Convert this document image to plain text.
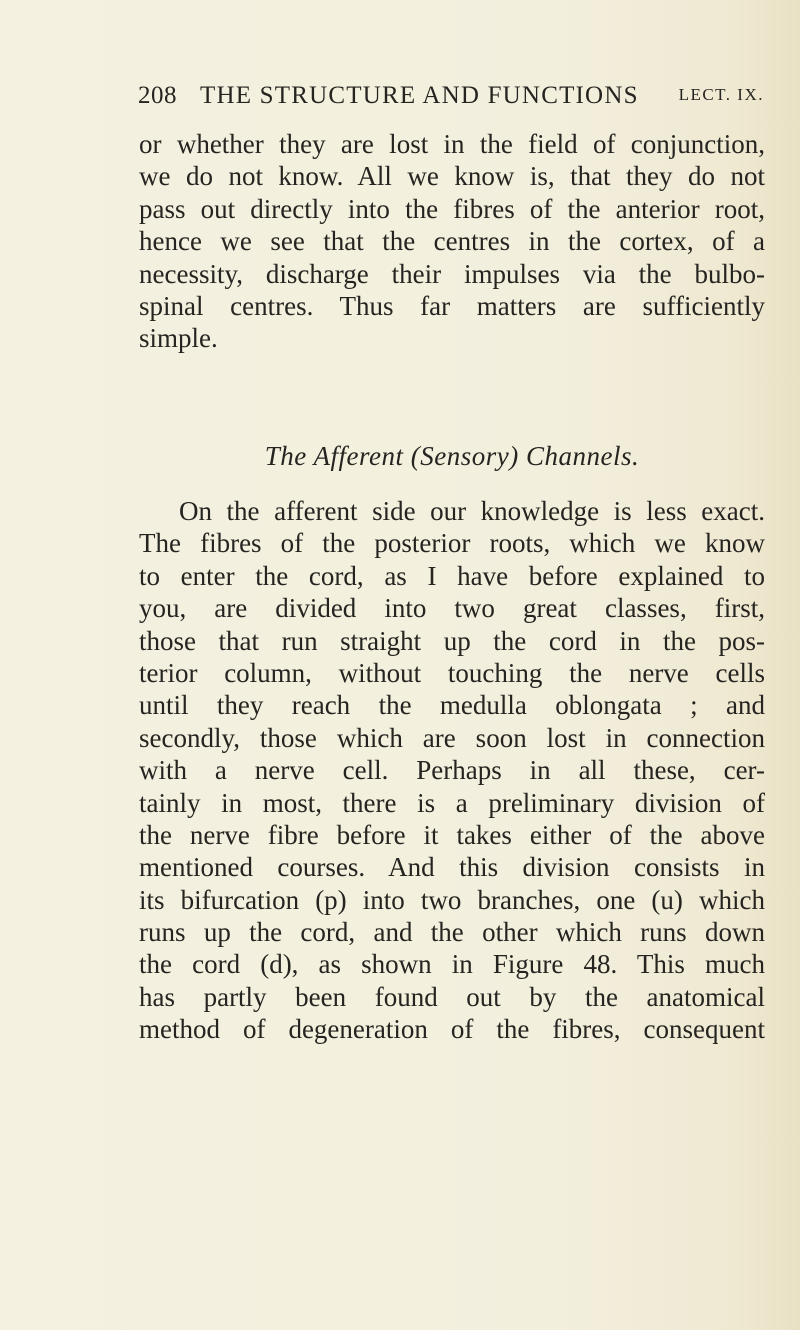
208 THE STRUCTURE AND FUNCTIONS LECT. IX.
or whether they are lost in the field of conjunction,
we do not know. All we know is, that they do not
pass out directly into the fibres of the anterior root,
hence we see that the centres in the cortex, of a
necessity, discharge their impulses via the bulbo-
spinal centres. Thus far matters are sufficiently
simple.
The Afferent (Sensory) Channels.
On the afferent side our knowledge is less exact.
The fibres of the posterior roots, which we know
to enter the cord, as I have before explained to
you, are divided into two great classes, first,
those that run straight up the cord in the pos-
terior column, without touching the nerve cells
until they reach the medulla oblongata ; and
secondly, those which are soon lost in connection
with a nerve cell. Perhaps in all these, cer-
tainly in most, there is a preliminary division of
the nerve fibre before it takes either of the above
mentioned courses. And this division consists in
its bifurcation (p) into two branches, one (u) which
runs up the cord, and the other which runs down
the cord (d), as shown in Figure 48. This much
has partly been found out by the anatomical
method of degeneration of the fibres, consequent
